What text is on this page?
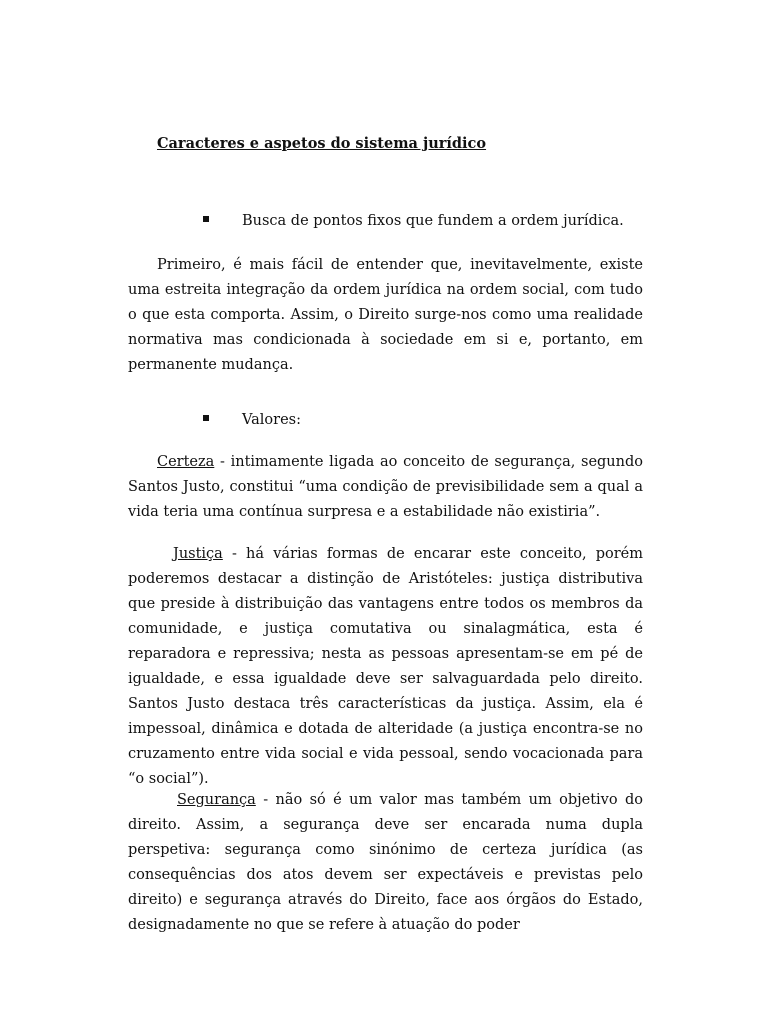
Caracteres e aspetos do sistema jurídico
Busca de pontos fixos que fundem a ordem jurídica.

Primeiro, é mais fácil de entender que, inevitavelmente, existe uma estreita integração da ordem jurídica na ordem social, com tudo o que esta comporta. Assim, o Direito surge-nos como uma realidade normativa mas condicionada à sociedade em si e, portanto, em permanente mudança.

Valores:

Certeza - intimamente ligada ao conceito de segurança, segundo Santos Justo, constitui “uma condição de previsibilidade sem a qual a vida teria uma contínua surpresa e a estabilidade não existiria”.

Justiça - há várias formas de encarar este conceito, porém poderemos destacar a distinção de Aristóteles: justiça distributiva que preside à distribuição das vantagens entre todos os membros da comunidade, e justiça comutativa ou sinalagmática, esta é reparadora e repressiva; nesta as pessoas apresentam-se em pé de igualdade, e essa igualdade deve ser salvaguardada pelo direito. Santos Justo destaca três características da justiça. Assim, ela é impessoal, dinâmica e dotada de alteridade (a justiça encontra-se no cruzamento entre vida social e vida pessoal, sendo vocacionada para “o social”).

Segurança - não só é um valor mas também um objetivo do direito. Assim, a segurança deve ser encarada numa dupla perspetiva: segurança como sinónimo de certeza jurídica (as consequências dos atos devem ser expectáveis e previstas pelo direito) e segurança através do Direito, face aos órgãos do Estado, designadamente no que se refere à atuação do poder
